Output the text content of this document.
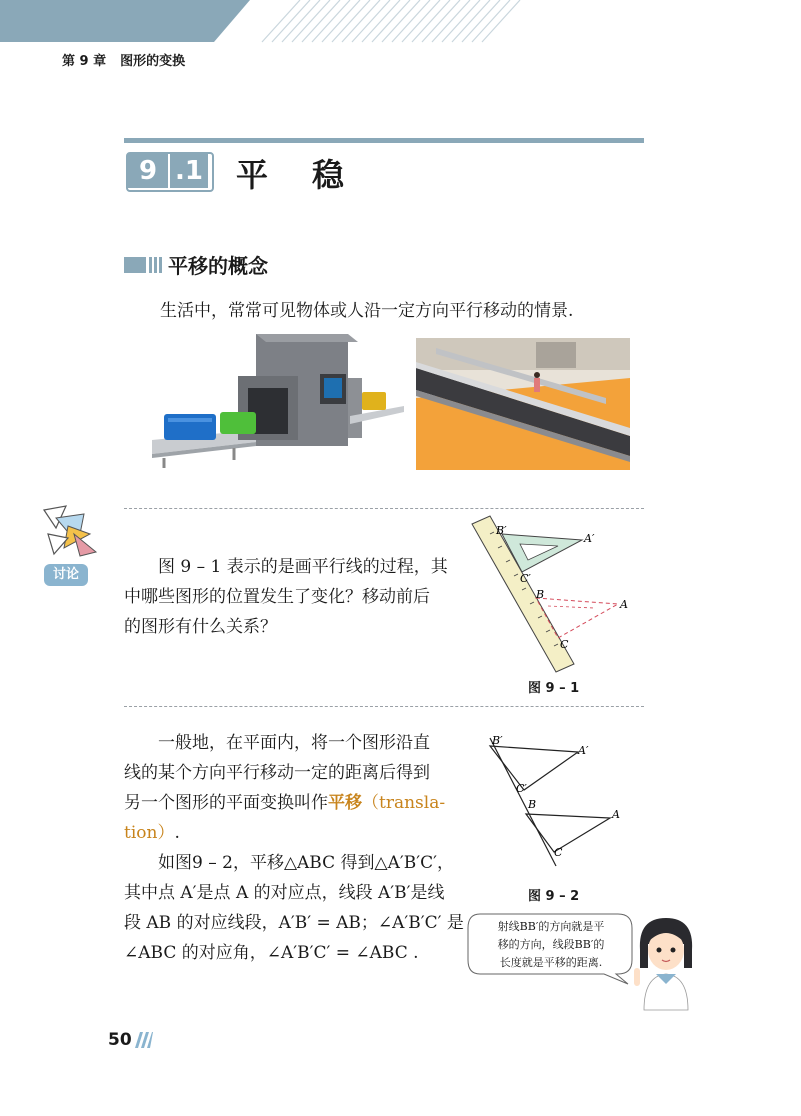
第 9 章 图形的变换
9 .1 平稳
平移的概念
生活中，常常可见物体或人沿一定方向平行移动的情景.
讨论	图 9 – 1 表示的是画平行线的过程，其
中哪些图形的位置发生了变化？移动前后
的图形有什么关系？
B′
A′
C′
B
A
C
图 9 – 1
一般地，在平面内，将一个图形沿直
线的某个方向平行移动一定的距离后得到
另一个图形的平面变换叫作平移（transla-
tion）.
如图9 – 2，平移△ABC 得到△A′B′C′，
其中点 A′是点 A 的对应点，线段 A′B′是线
段 AB 的对应线段，A′B′ = AB；∠A′B′C′ 是
∠ABC 的对应角，∠A′B′C′ = ∠ABC .
B′
A′
C′
B
A
C
图 9 – 2
射线BB′的方向就是平
移的方向，线段BB′的
长度就是平移的距离.
50
